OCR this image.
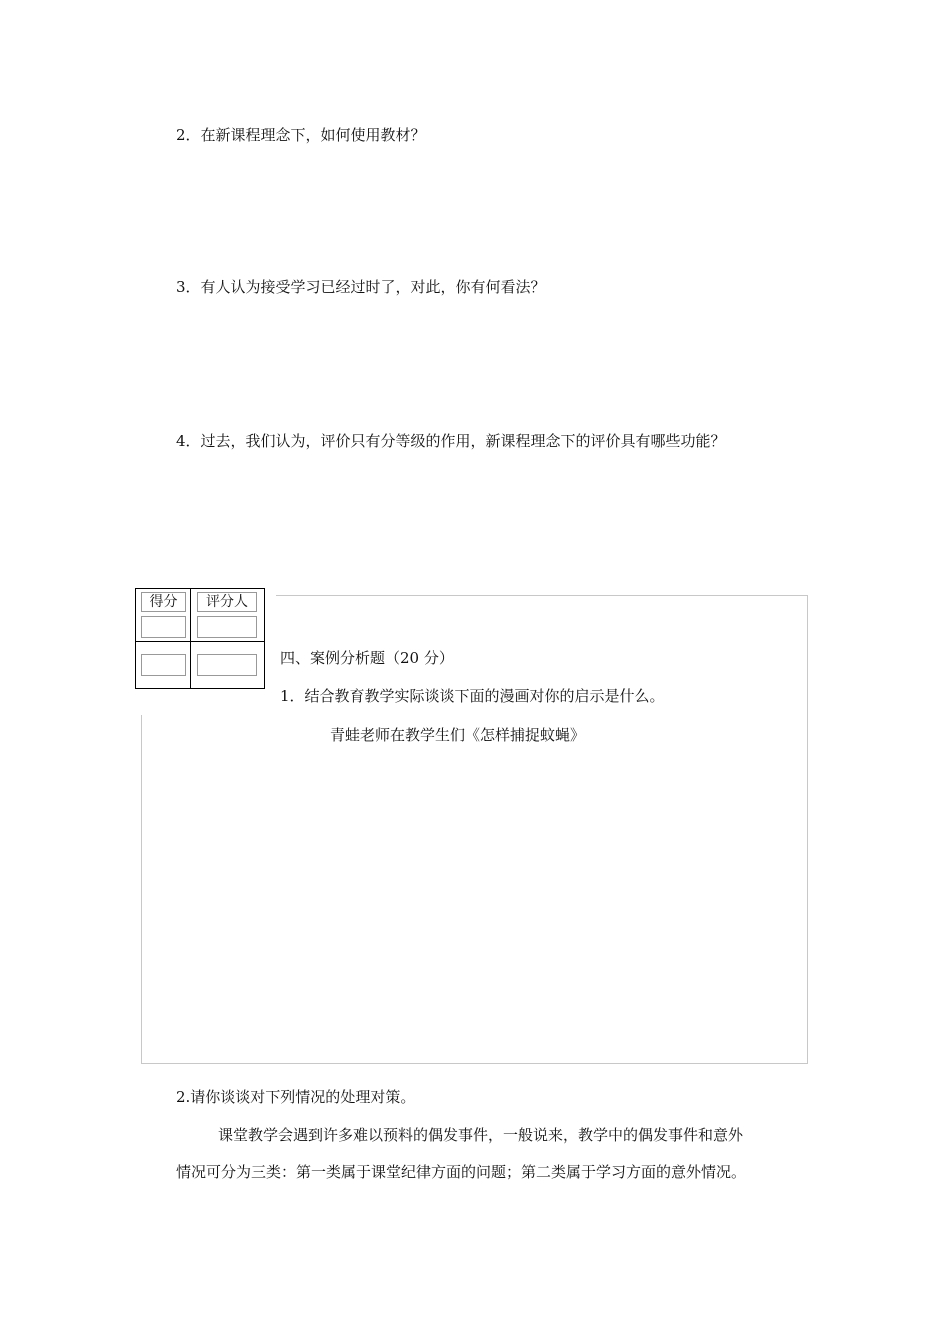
2．在新课程理念下，如何使用教材？
3．有人认为接受学习已经过时了，对此，你有何看法？
4．过去，我们认为，评价只有分等级的作用，新课程理念下的评价具有哪些功能？
得分	评分人
四、案例分析题（20 分）
1．结合教育教学实际谈谈下面的漫画对你的启示是什么。
青蛙老师在教学生们《怎样捕捉蚊蝇》
2.请你谈谈对下列情况的处理对策。
课堂教学会遇到许多难以预料的偶发事件，一般说来，教学中的偶发事件和意外
情况可分为三类：第一类属于课堂纪律方面的问题；第二类属于学习方面的意外情况。
